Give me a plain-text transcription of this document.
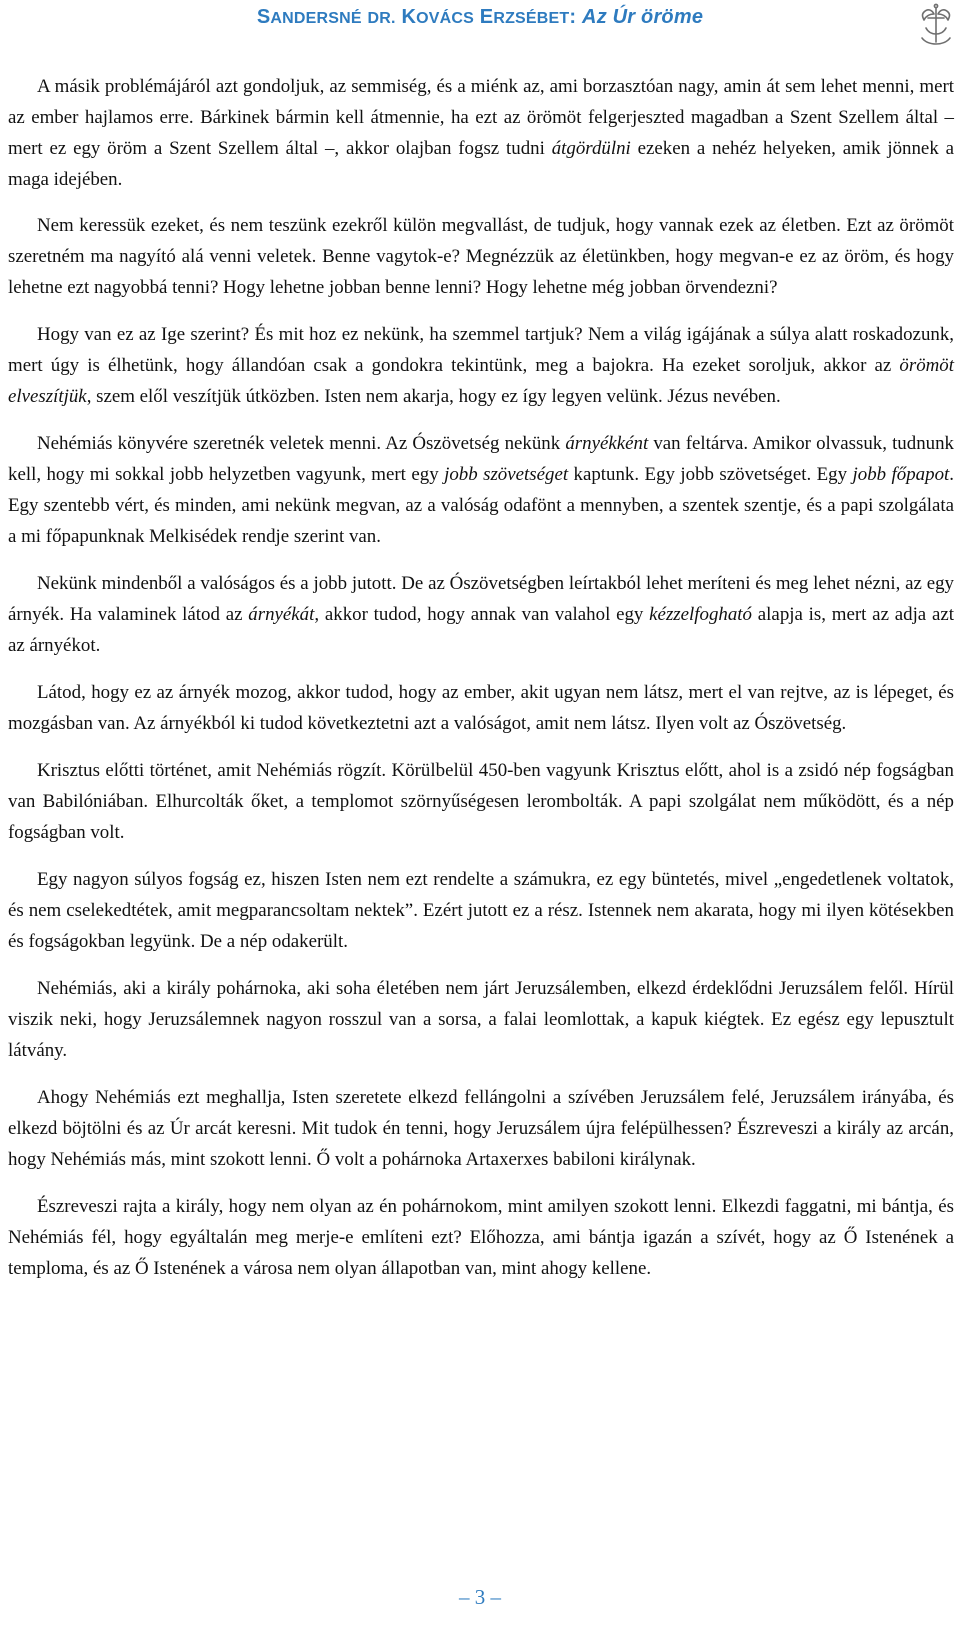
SANDERSNÉ DR. KOVÁCS ERZSÉBET: Az Úr öröme

A másik problémájáról azt gondoljuk, az semmiség, és a miénk az, ami borzasztóan nagy, amin át sem lehet menni, mert az ember hajlamos erre. Bárkinek bármin kell átmennie, ha ezt az örömöt felgerjeszted magadban a Szent Szellem által – mert ez egy öröm a Szent Szellem által –, akkor olajban fogsz tudni átgördülni ezeken a nehéz helyeken, amik jönnek a maga idejében.

Nem keressük ezeket, és nem teszünk ezekről külön megvallást, de tudjuk, hogy vannak ezek az életben. Ezt az örömöt szeretném ma nagyító alá venni veletek. Benne vagytok-e? Megnézzük az életünkben, hogy megvan-e ez az öröm, és hogy lehetne ezt nagyobbá tenni? Hogy lehetne jobban benne lenni? Hogy lehetne még jobban örvendezni?

Hogy van ez az Ige szerint? És mit hoz ez nekünk, ha szemmel tartjuk? Nem a világ igájának a súlya alatt roskadozunk, mert úgy is élhetünk, hogy állandóan csak a gondokra tekintünk, meg a bajokra. Ha ezeket soroljuk, akkor az örömöt elveszítjük, szem elől veszítjük útközben. Isten nem akarja, hogy ez így legyen velünk. Jézus nevében.

Nehémiás könyvére szeretnék veletek menni. Az Ószövetség nekünk árnyékként van feltárva. Amikor olvassuk, tudnunk kell, hogy mi sokkal jobb helyzetben vagyunk, mert egy jobb szövetséget kaptunk. Egy jobb szövetséget. Egy jobb főpapot. Egy szentebb vért, és minden, ami nekünk megvan, az a valóság odafönt a mennyben, a szentek szentje, és a papi szolgálata a mi főpapunknak Melkisédek rendje szerint van.

Nekünk mindenből a valóságos és a jobb jutott. De az Ószövetségben leírtakból lehet meríteni és meg lehet nézni, az egy árnyék. Ha valaminek látod az árnyékát, akkor tudod, hogy annak van valahol egy kézzelfogható alapja is, mert az adja azt az árnyékot.

Látod, hogy ez az árnyék mozog, akkor tudod, hogy az ember, akit ugyan nem látsz, mert el van rejtve, az is lépeget, és mozgásban van. Az árnyékból ki tudod következtetni azt a valóságot, amit nem látsz. Ilyen volt az Ószövetség.

Krisztus előtti történet, amit Nehémiás rögzít. Körülbelül 450-ben vagyunk Krisztus előtt, ahol is a zsidó nép fogságban van Babilóniában. Elhurcolták őket, a templomot szörnyűségesen lerombolták. A papi szolgálat nem működött, és a nép fogságban volt.

Egy nagyon súlyos fogság ez, hiszen Isten nem ezt rendelte a számukra, ez egy büntetés, mivel „engedetlenek voltatok, és nem cselekedtétek, amit megparancsoltam nektek”. Ezért jutott ez a rész. Istennek nem akarata, hogy mi ilyen kötésekben és fogságokban legyünk. De a nép odakerült.

Nehémiás, aki a király pohárnoka, aki soha életében nem járt Jeruzsálemben, elkezd érdeklődni Jeruzsálem felől. Hírül viszik neki, hogy Jeruzsálemnek nagyon rosszul van a sorsa, a falai leomlottak, a kapuk kiégtek. Ez egész egy lepusztult látvány.

Ahogy Nehémiás ezt meghallja, Isten szeretete elkezd fellángolni a szívében Jeruzsálem felé, Jeruzsálem irányába, és elkezd böjtölni és az Úr arcát keresni. Mit tudok én tenni, hogy Jeruzsálem újra felépülhessen? Észreveszi a király az arcán, hogy Nehémiás más, mint szokott lenni. Ő volt a pohárnoka Artaxerxes babiloni királynak.

Észreveszi rajta a király, hogy nem olyan az én pohárnokom, mint amilyen szokott lenni. Elkezdi faggatni, mi bántja, és Nehémiás fél, hogy egyáltalán meg merje-e említeni ezt? Előhozza, ami bántja igazán a szívét, hogy az Ő Istenének a temploma, és az Ő Istenének a városa nem olyan állapotban van, mint ahogy kellene.

– 3 –
